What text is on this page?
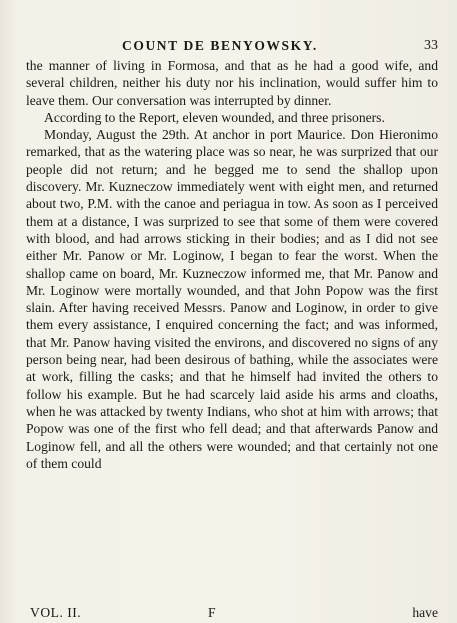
COUNT DE BENYOWSKY.	33

the manner of living in Formosa, and that as he had a good wife, and several children, neither his duty nor his inclination, would suffer him to leave them. Our conversation was interrupted by dinner.

According to the Report, eleven wounded, and three prisoners.

Monday, August the 29th. At anchor in port Maurice. Don Hieronimo remarked, that as the watering place was so near, he was surprized that our people did not return; and he begged me to send the shallop upon discovery. Mr. Kuzneczow immediately went with eight men, and returned about two, P.M. with the canoe and periagua in tow. As soon as I perceived them at a distance, I was surprized to see that some of them were covered with blood, and had arrows sticking in their bodies; and as I did not see either Mr. Panow or Mr. Loginow, I began to fear the worst. When the shallop came on board, Mr. Kuzneczow informed me, that Mr. Panow and Mr. Loginow were mortally wounded, and that John Popow was the first slain. After having received Messrs. Panow and Loginow, in order to give them every assistance, I enquired concerning the fact; and was informed, that Mr. Panow having visited the environs, and discovered no signs of any person being near, had been desirous of bathing, while the associates were at work, filling the casks; and that he himself had invited the others to follow his example. But he had scarcely laid aside his arms and cloaths, when he was attacked by twenty Indians, who shot at him with arrows; that Popow was one of the first who fell dead; and that afterwards Panow and Loginow fell, and all the others were wounded; and that certainly not one of them could

VOL. II.	F	have
